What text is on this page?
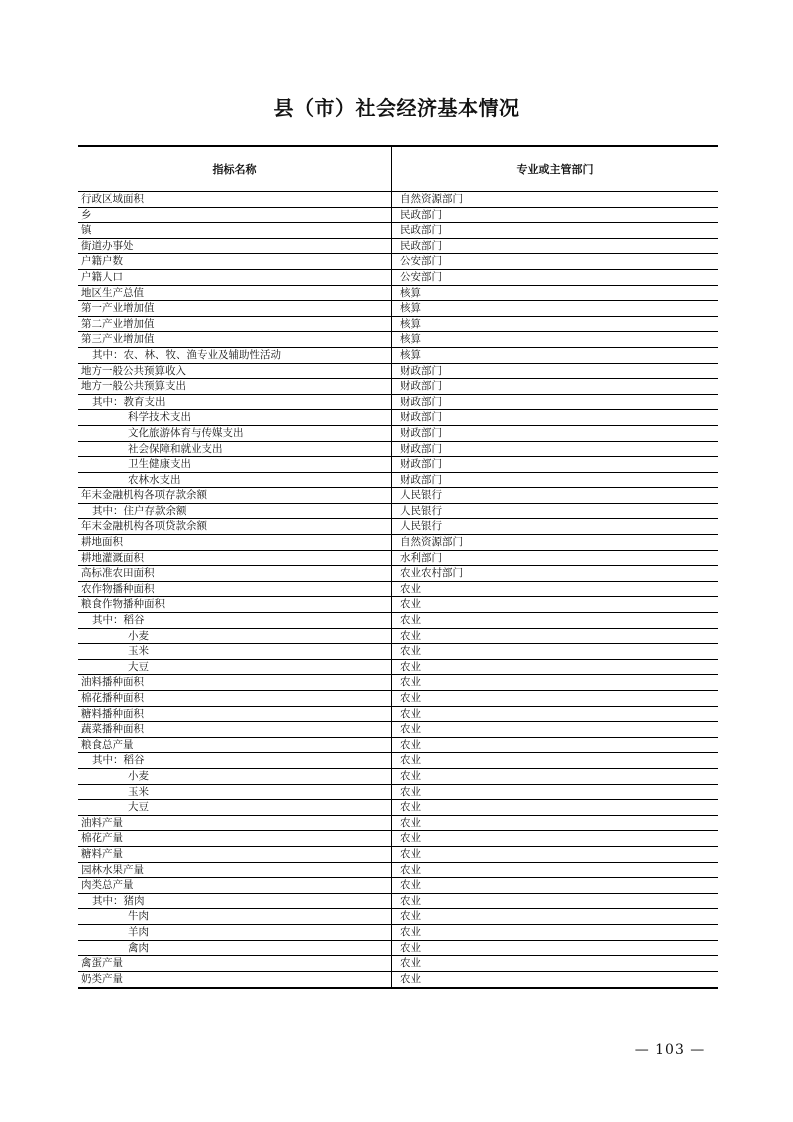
县（市）社会经济基本情况
指标名称	专业或主管部门
行政区域面积	自然资源部门
乡	民政部门
镇	民政部门
街道办事处	民政部门
户籍户数	公安部门
户籍人口	公安部门
地区生产总值	核算
第一产业增加值	核算
第二产业增加值	核算
第三产业增加值	核算
其中：农、林、牧、渔专业及辅助性活动	核算
地方一般公共预算收入	财政部门
地方一般公共预算支出	财政部门
其中：教育支出	财政部门
科学技术支出	财政部门
文化旅游体育与传媒支出	财政部门
社会保障和就业支出	财政部门
卫生健康支出	财政部门
农林水支出	财政部门
年末金融机构各项存款余额	人民银行
其中：住户存款余额	人民银行
年末金融机构各项贷款余额	人民银行
耕地面积	自然资源部门
耕地灌溉面积	水利部门
高标准农田面积	农业农村部门
农作物播种面积	农业
粮食作物播种面积	农业
其中：稻谷	农业
小麦	农业
玉米	农业
大豆	农业
油料播种面积	农业
棉花播种面积	农业
糖料播种面积	农业
蔬菜播种面积	农业
粮食总产量	农业
其中：稻谷	农业
小麦	农业
玉米	农业
大豆	农业
油料产量	农业
棉花产量	农业
糖料产量	农业
园林水果产量	农业
肉类总产量	农业
其中：猪肉	农业
牛肉	农业
羊肉	农业
禽肉	农业
禽蛋产量	农业
奶类产量	农业
— 103 —
